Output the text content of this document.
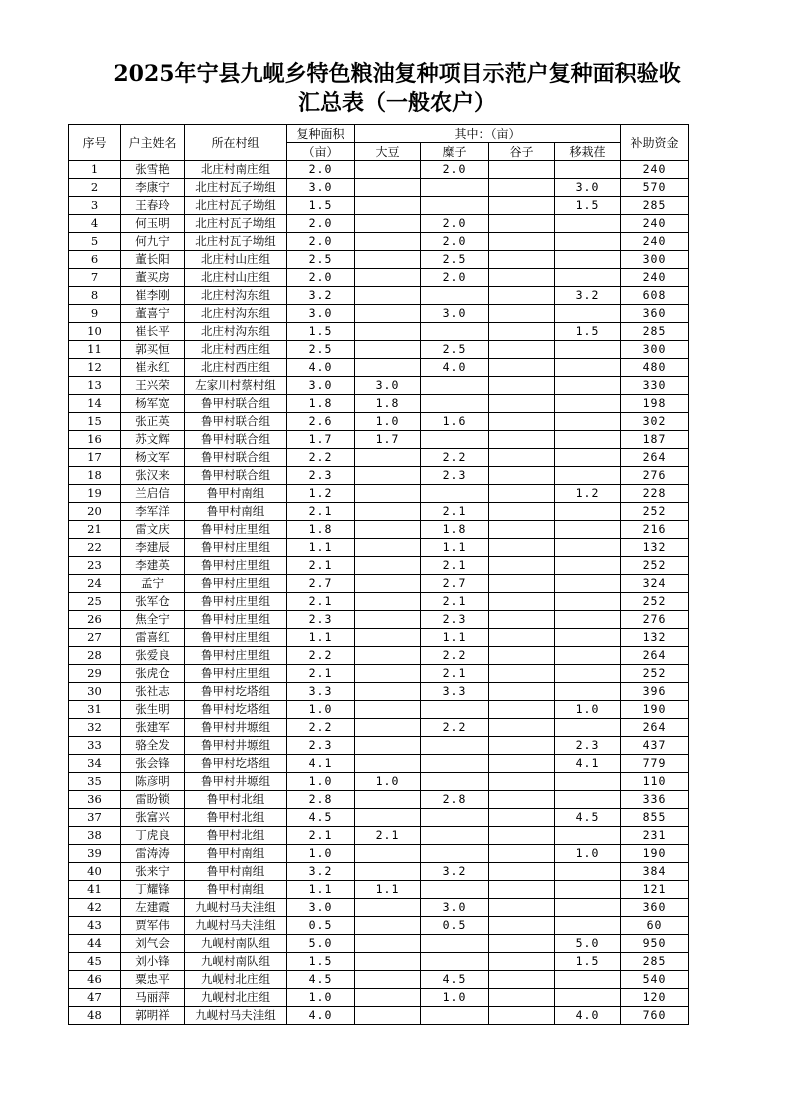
2025年宁县九岘乡特色粮油复种项目示范户复种面积验收
汇总表（一般农户）
序号	户主姓名	所在村组	复种面积	其中：（亩）				补助资金
			（亩）	大豆	糜子	谷子	移栽荏	
1	张雪艳	北庄村南庄组	2.0		2.0			240
2	李康宁	北庄村瓦子坳组	3.0				3.0	570
3	王春玲	北庄村瓦子坳组	1.5				1.5	285
4	何玉明	北庄村瓦子坳组	2.0		2.0			240
5	何九宁	北庄村瓦子坳组	2.0		2.0			240
6	董长阳	北庄村山庄组	2.5		2.5			300
7	董买房	北庄村山庄组	2.0		2.0			240
8	崔李刚	北庄村沟东组	3.2				3.2	608
9	董喜宁	北庄村沟东组	3.0		3.0			360
10	崔长平	北庄村沟东组	1.5				1.5	285
11	郭买恒	北庄村西庄组	2.5		2.5			300
12	崔永红	北庄村西庄组	4.0		4.0			480
13	王兴荣	左家川村蔡村组	3.0	3.0				330
14	杨军宽	鲁甲村联合组	1.8	1.8				198
15	张正英	鲁甲村联合组	2.6	1.0	1.6			302
16	苏文辉	鲁甲村联合组	1.7	1.7				187
17	杨文军	鲁甲村联合组	2.2		2.2			264
18	张汉来	鲁甲村联合组	2.3		2.3			276
19	兰启信	鲁甲村南组	1.2				1.2	228
20	李军洋	鲁甲村南组	2.1		2.1			252
21	雷文庆	鲁甲村庄里组	1.8		1.8			216
22	李建辰	鲁甲村庄里组	1.1		1.1			132
23	李建英	鲁甲村庄里组	2.1		2.1			252
24	孟宁	鲁甲村庄里组	2.7		2.7			324
25	张军仓	鲁甲村庄里组	2.1		2.1			252
26	焦全宁	鲁甲村庄里组	2.3		2.3			276
27	雷喜红	鲁甲村庄里组	1.1		1.1			132
28	张爱良	鲁甲村庄里组	2.2		2.2			264
29	张虎仓	鲁甲村庄里组	2.1		2.1			252
30	张社志	鲁甲村圪塔组	3.3		3.3			396
31	张生明	鲁甲村圪塔组	1.0				1.0	190
32	张建军	鲁甲村井塬组	2.2		2.2			264
33	骆全发	鲁甲村井塬组	2.3				2.3	437
34	张会锋	鲁甲村圪塔组	4.1				4.1	779
35	陈彦明	鲁甲村井塬组	1.0	1.0				110
36	雷盼锁	鲁甲村北组	2.8		2.8			336
37	张富兴	鲁甲村北组	4.5				4.5	855
38	丁虎良	鲁甲村北组	2.1	2.1				231
39	雷涛涛	鲁甲村南组	1.0				1.0	190
40	张来宁	鲁甲村南组	3.2		3.2			384
41	丁耀锋	鲁甲村南组	1.1	1.1				121
42	左建霞	九岘村马夫洼组	3.0		3.0			360
43	贾军伟	九岘村马夫洼组	0.5		0.5			60
44	刘气会	九岘村南队组	5.0				5.0	950
45	刘小锋	九岘村南队组	1.5				1.5	285
46	粟忠平	九岘村北庄组	4.5		4.5			540
47	马丽萍	九岘村北庄组	1.0		1.0			120
48	郭明祥	九岘村马夫洼组	4.0				4.0	760
